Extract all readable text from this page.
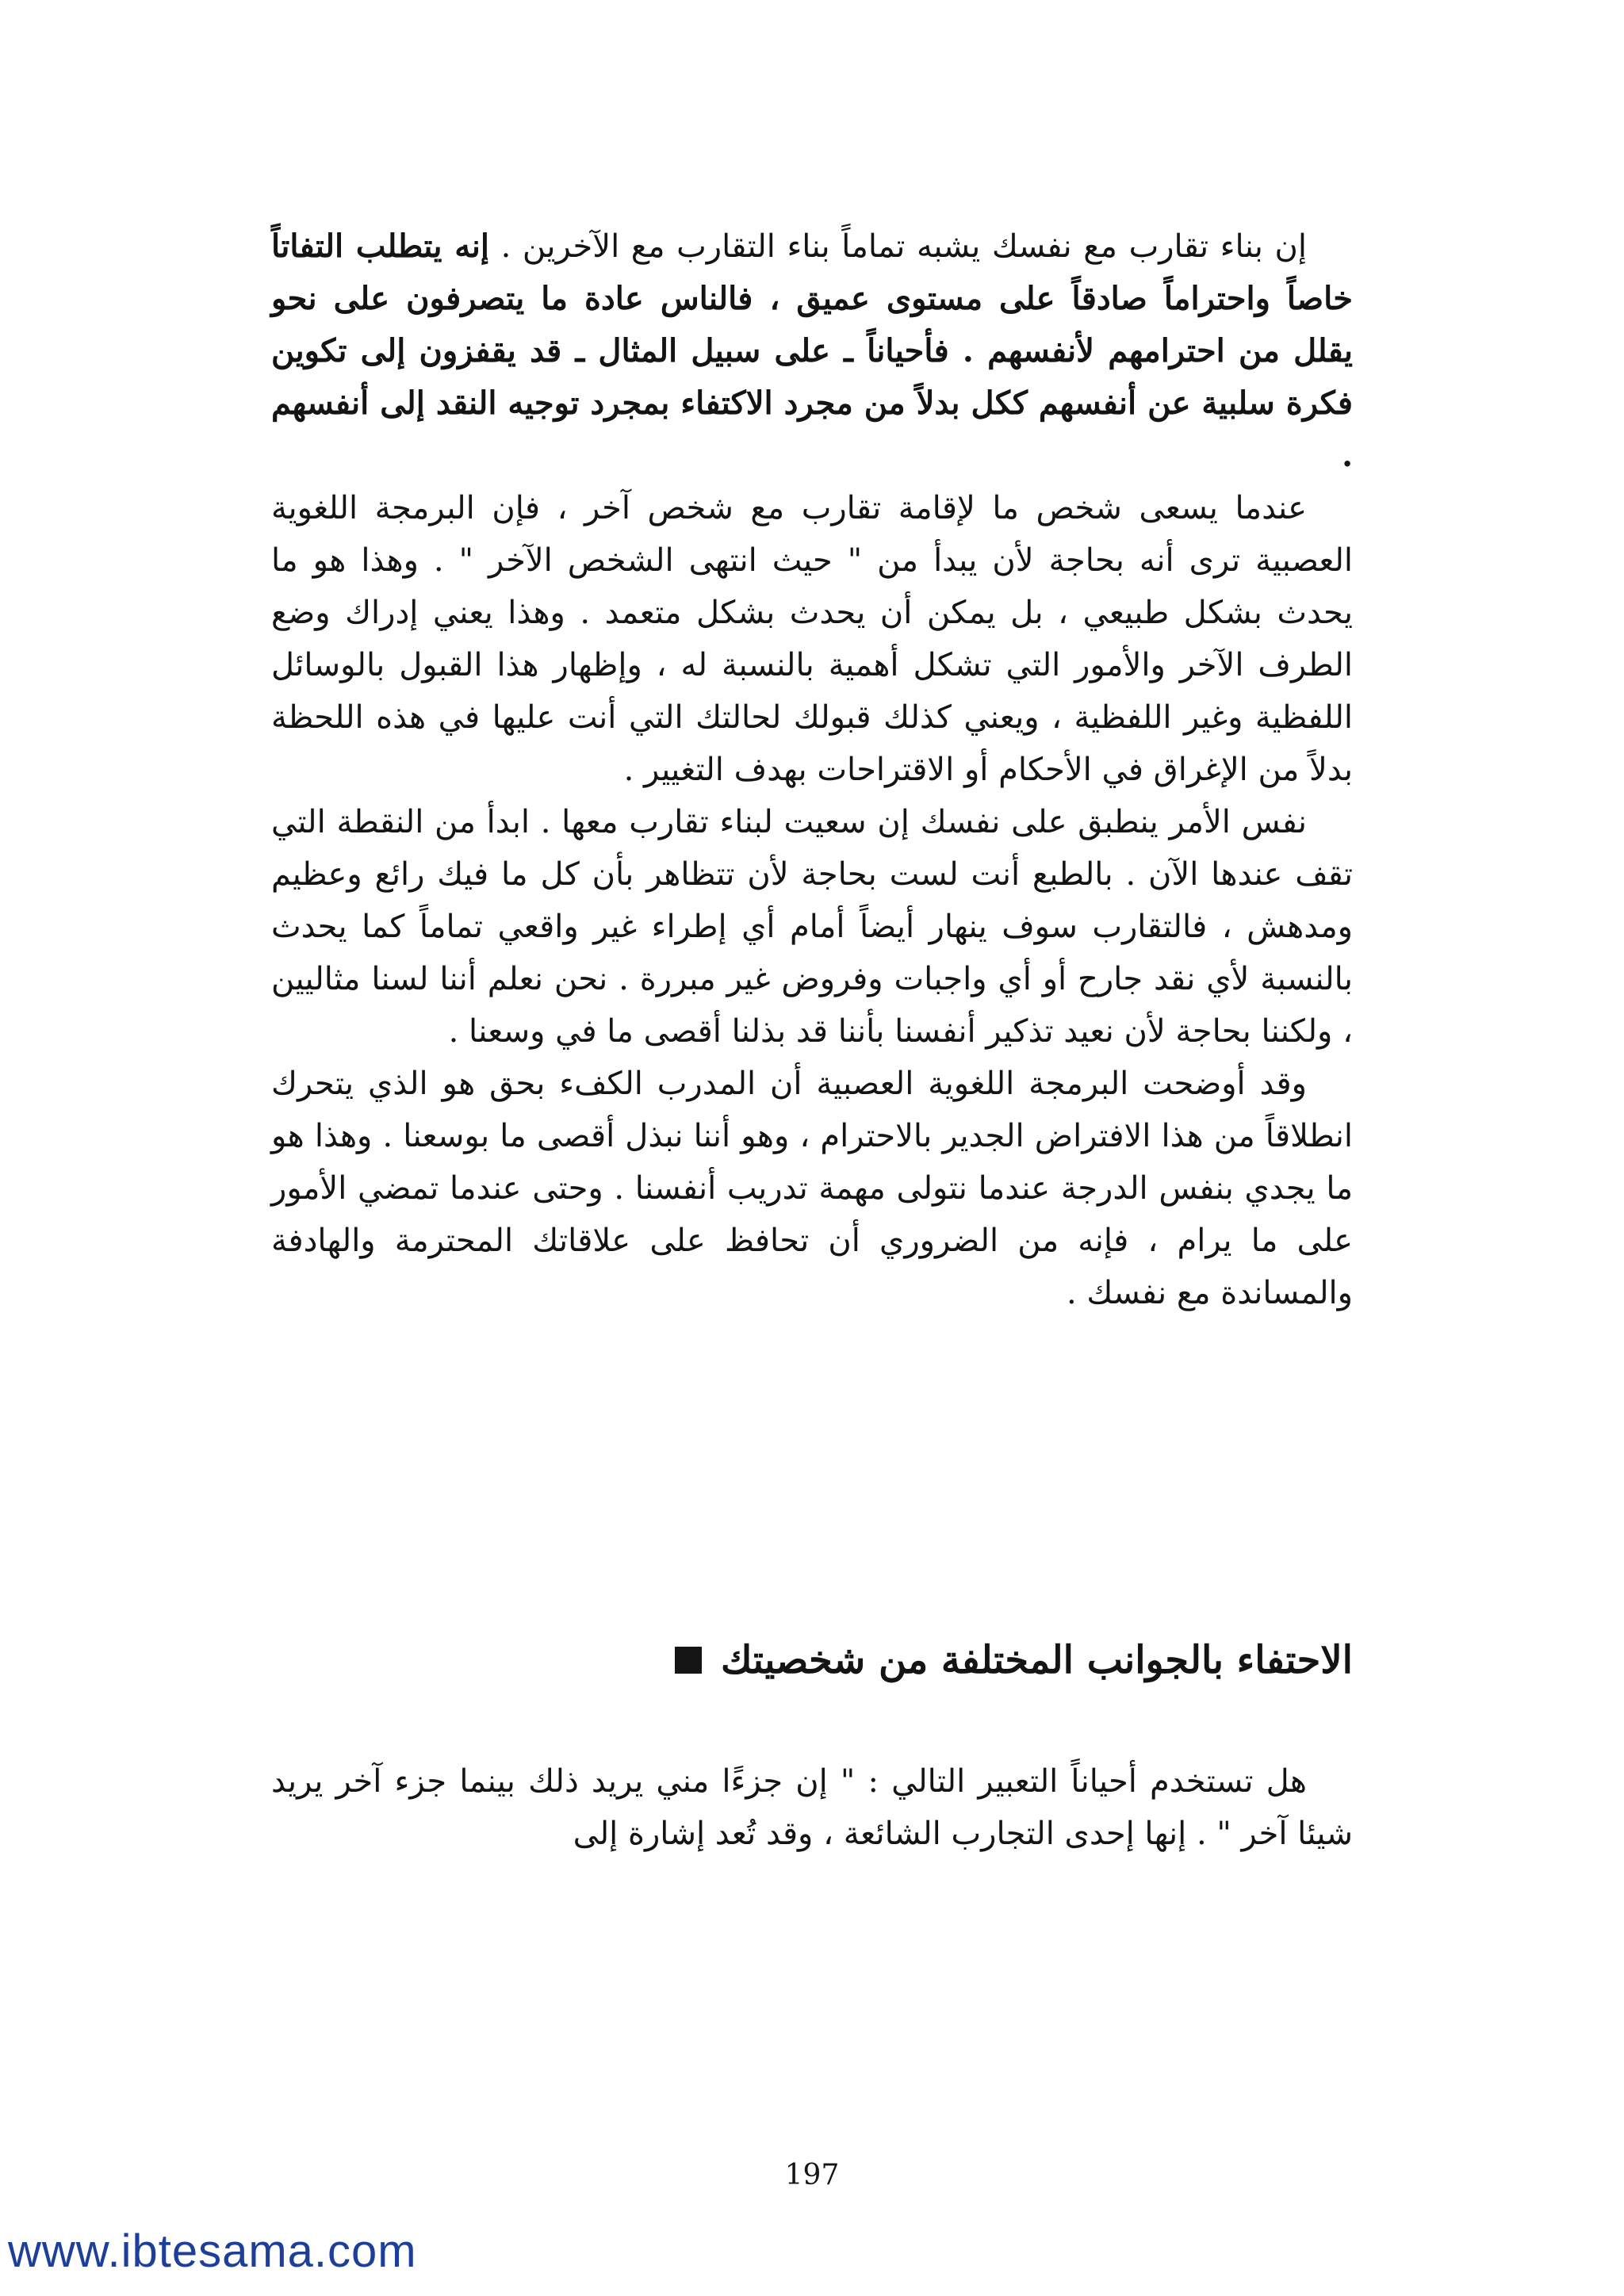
إن بناء تقارب مع نفسك يشبه تماماً بناء التقارب مع الآخرين . إنه يتطلب التفاتاً خاصاً واحتراماً صادقاً على مستوى عميق ، فالناس عادة ما يتصرفون على نحو يقلل من احترامهم لأنفسهم . فأحياناً ـ على سبيل المثال ـ قد يقفزون إلى تكوين فكرة سلبية عن أنفسهم ككل بدلاً من مجرد الاكتفاء بمجرد توجيه النقد إلى أنفسهم .

عندما يسعى شخص ما لإقامة تقارب مع شخص آخر ، فإن البرمجة اللغوية العصبية ترى أنه بحاجة لأن يبدأ من " حيث انتهى الشخص الآخر " . وهذا هو ما يحدث بشكل طبيعي ، بل يمكن أن يحدث بشكل متعمد . وهذا يعني إدراك وضع الطرف الآخر والأمور التي تشكل أهمية بالنسبة له ، وإظهار هذا القبول بالوسائل اللفظية وغير اللفظية ، ويعني كذلك قبولك لحالتك التي أنت عليها في هذه اللحظة بدلاً من الإغراق في الأحكام أو الاقتراحات بهدف التغيير .

نفس الأمر ينطبق على نفسك إن سعيت لبناء تقارب معها . ابدأ من النقطة التي تقف عندها الآن . بالطبع أنت لست بحاجة لأن تتظاهر بأن كل ما فيك رائع وعظيم ومدهش ، فالتقارب سوف ينهار أيضاً أمام أي إطراء غير واقعي تماماً كما يحدث بالنسبة لأي نقد جارح أو أي واجبات وفروض غير مبررة . نحن نعلم أننا لسنا مثاليين ، ولكننا بحاجة لأن نعيد تذكير أنفسنا بأننا قد بذلنا أقصى ما في وسعنا .

وقد أوضحت البرمجة اللغوية العصبية أن المدرب الكفء بحق هو الذي يتحرك انطلاقاً من هذا الافتراض الجدير بالاحترام ، وهو أننا نبذل أقصى ما بوسعنا . وهذا هو ما يجدي بنفس الدرجة عندما نتولى مهمة تدريب أنفسنا . وحتى عندما تمضي الأمور على ما يرام ، فإنه من الضروري أن تحافظ على علاقاتك المحترمة والهادفة والمساندة مع نفسك .

الاحتفاء بالجوانب المختلفة من شخصيتك

هل تستخدم أحياناً التعبير التالي : " إن جزءًا مني يريد ذلك بينما جزء آخر يريد شيئا آخر " . إنها إحدى التجارب الشائعة ، وقد تُعد إشارة إلى

197
www.ibtesama.com
